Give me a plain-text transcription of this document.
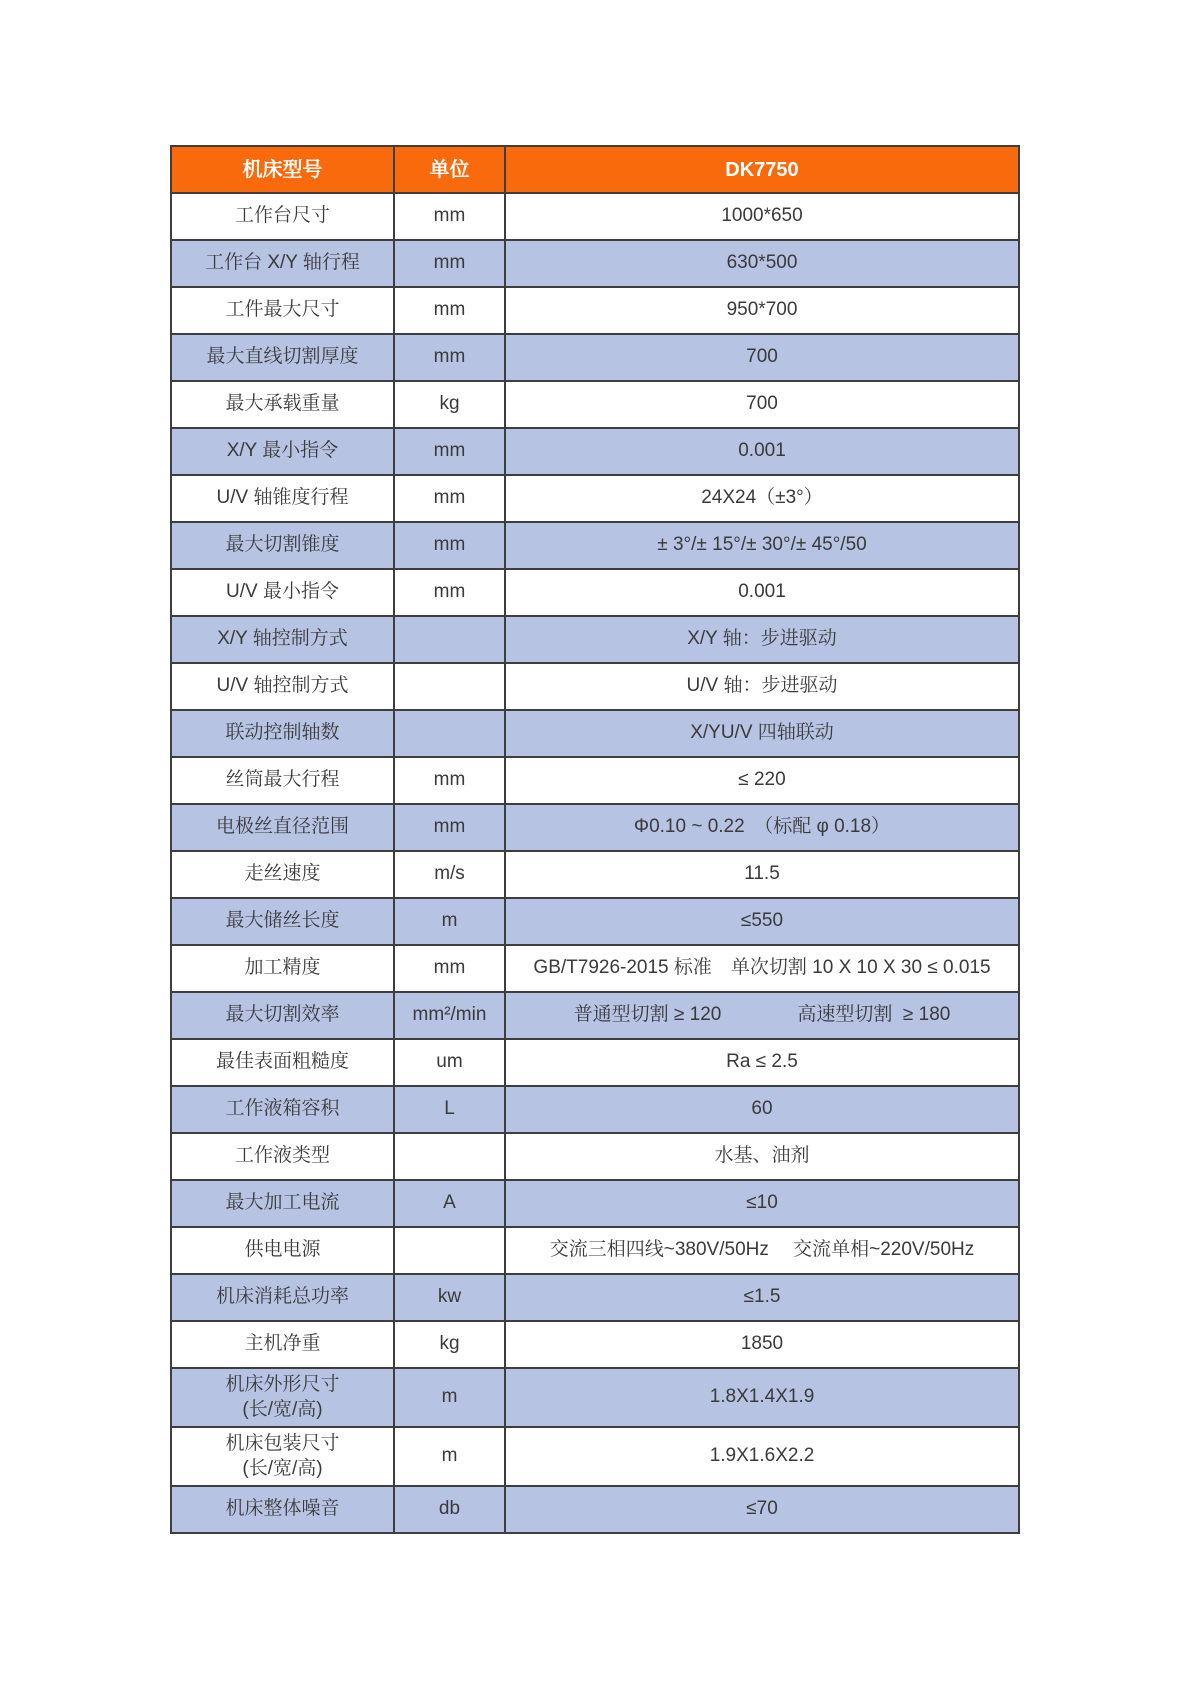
机床型号	单位	DK7750
工作台尺寸	mm	1000*650
工作台 X/Y 轴行程	mm	630*500
工件最大尺寸	mm	950*700
最大直线切割厚度	mm	700
最大承载重量	kg	700
X/Y 最小指令	mm	0.001
U/V 轴锥度行程	mm	24X24（±3°）
最大切割锥度	mm	± 3°/± 15°/± 30°/± 45°/50
U/V 最小指令	mm	0.001
X/Y 轴控制方式		X/Y 轴：步进驱动
U/V 轴控制方式		U/V 轴：步进驱动
联动控制轴数		X/YU/V 四轴联动
丝筒最大行程	mm	≤ 220
电极丝直径范围	mm	Φ0.10 ~ 0.22　（标配 φ 0.18）
走丝速度	m/s	11.5
最大储丝长度	m	≤550
加工精度	mm	GB/T7926-2015 标准　单次切割 10 X 10 X 30 ≤ 0.015
最大切割效率	mm²/min	普通型切割 ≥ 120　　　　高速型切割  ≥ 180
最佳表面粗糙度	um	Ra ≤ 2.5
工作液箱容积	L	60
工作液类型		水基、油剂
最大加工电流	A	≤10
供电电源		交流三相四线~380V/50Hz　 交流单相~220V/50Hz
机床消耗总功率	kw	≤1.5
主机净重	kg	1850
机床外形尺寸
(长/宽/高)	m	1.8X1.4X1.9
机床包装尺寸
(长/宽/高)	m	1.9X1.6X2.2
机床整体噪音	db	≤70
